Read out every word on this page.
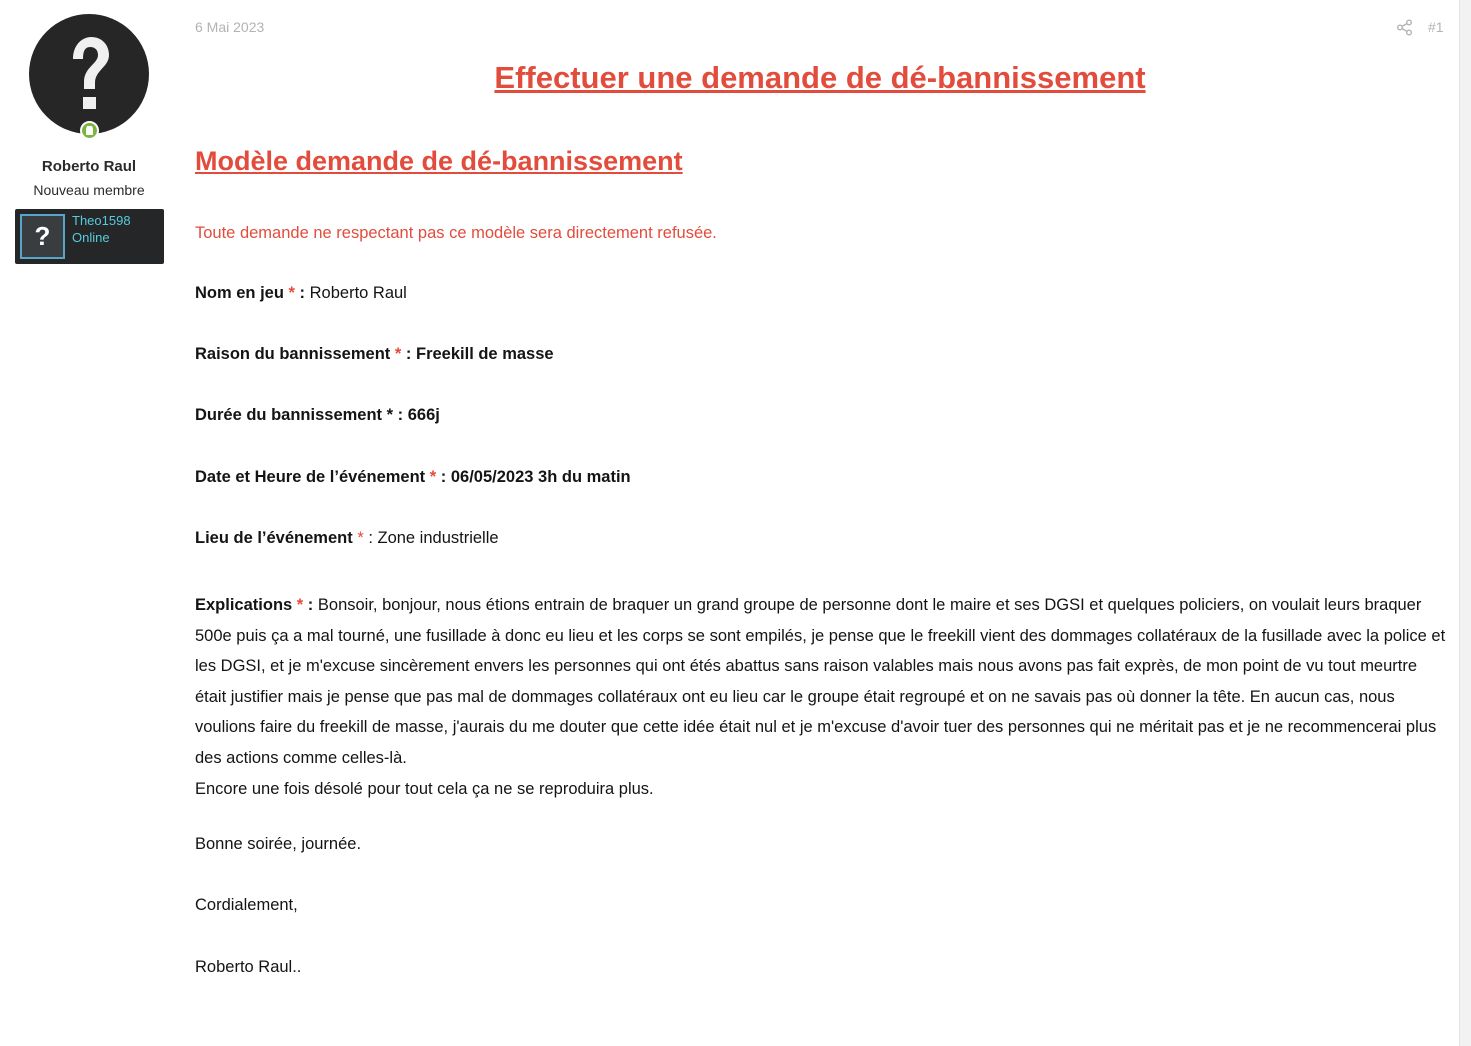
Roberto Raul
Nouveau membre
?
Theo1598
Online
6 Mai 2023	#1
Effectuer une demande de dé-bannissement
Modèle demande de dé-bannissement
Toute demande ne respectant pas ce modèle sera directement refusée.
Nom en jeu * : Roberto Raul
Raison du bannissement * : Freekill de masse
Durée du bannissement * : 666j
Date et Heure de l’événement * : 06/05/2023 3h du matin
Lieu de l’événement * : Zone industrielle
Explications * : Bonsoir, bonjour, nous étions entrain de braquer un grand groupe de personne dont le maire et ses DGSI et quelques policiers, on voulait leurs braquer 500e puis ça a mal tourné, une fusillade à donc eu lieu et les corps se sont empilés, je pense que le freekill vient des dommages collatéraux de la fusillade avec la police et les DGSI, et je m'excuse sincèrement envers les personnes qui ont étés abattus sans raison valables mais nous avons pas fait exprès, de mon point de vu tout meurtre était justifier mais je pense que pas mal de dommages collatéraux ont eu lieu car le groupe était regroupé et on ne savais pas où donner la tête. En aucun cas, nous voulions faire du freekill de masse, j'aurais du me douter que cette idée était nul et je m'excuse d'avoir tuer des personnes qui ne méritait pas et je ne recommencerai plus des actions comme celles-là.
Encore une fois désolé pour tout cela ça ne se reproduira plus.
Bonne soirée, journée.
Cordialement,
Roberto Raul..
